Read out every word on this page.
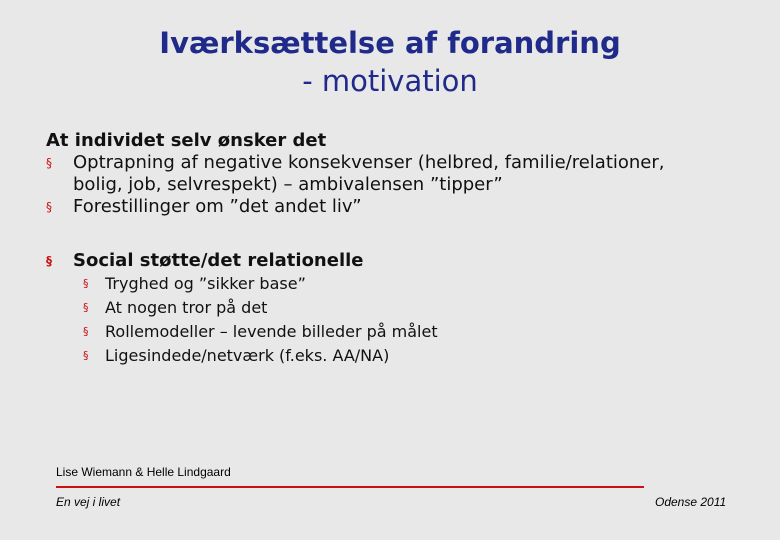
Iværksættelse af forandring
- motivation
At individet selv ønsker det
§	Optrapning af negative konsekvenser (helbred, familie/relationer,
bolig, job, selvrespekt) – ambivalensen ”tipper”
§	Forestillinger om ”det andet liv”
§	Social støtte/det relationelle
§ Tryghed og ”sikker base”
§ At nogen tror på det
§ Rollemodeller – levende billeder på målet
§ Ligesindede/netværk (f.eks. AA/NA)
Lise Wiemann & Helle Lindgaard
En vej i livet	Odense 2011
